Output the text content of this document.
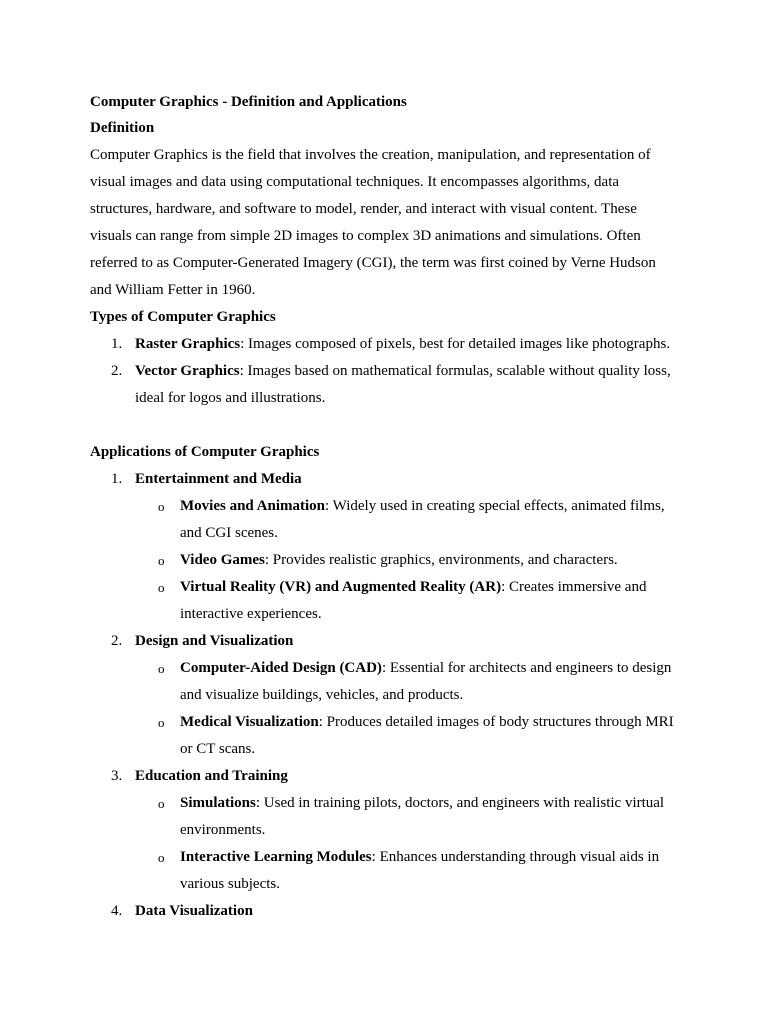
Computer Graphics - Definition and Applications
Definition
Computer Graphics is the field that involves the creation, manipulation, and representation of
visual images and data using computational techniques. It encompasses algorithms, data
structures, hardware, and software to model, render, and interact with visual content. These
visuals can range from simple 2D images to complex 3D animations and simulations. Often
referred to as Computer-Generated Imagery (CGI), the term was first coined by Verne Hudson
and William Fetter in 1960.
Types of Computer Graphics
1. Raster Graphics: Images composed of pixels, best for detailed images like photographs.
2. Vector Graphics: Images based on mathematical formulas, scalable without quality loss,
ideal for logos and illustrations.
Applications of Computer Graphics
1. Entertainment and Media
o Movies and Animation: Widely used in creating special effects, animated films,
and CGI scenes.
o Video Games: Provides realistic graphics, environments, and characters.
o Virtual Reality (VR) and Augmented Reality (AR): Creates immersive and
interactive experiences.
2. Design and Visualization
o Computer-Aided Design (CAD): Essential for architects and engineers to design
and visualize buildings, vehicles, and products.
o Medical Visualization: Produces detailed images of body structures through MRI
or CT scans.
3. Education and Training
o Simulations: Used in training pilots, doctors, and engineers with realistic virtual
environments.
o Interactive Learning Modules: Enhances understanding through visual aids in
various subjects.
4. Data Visualization
